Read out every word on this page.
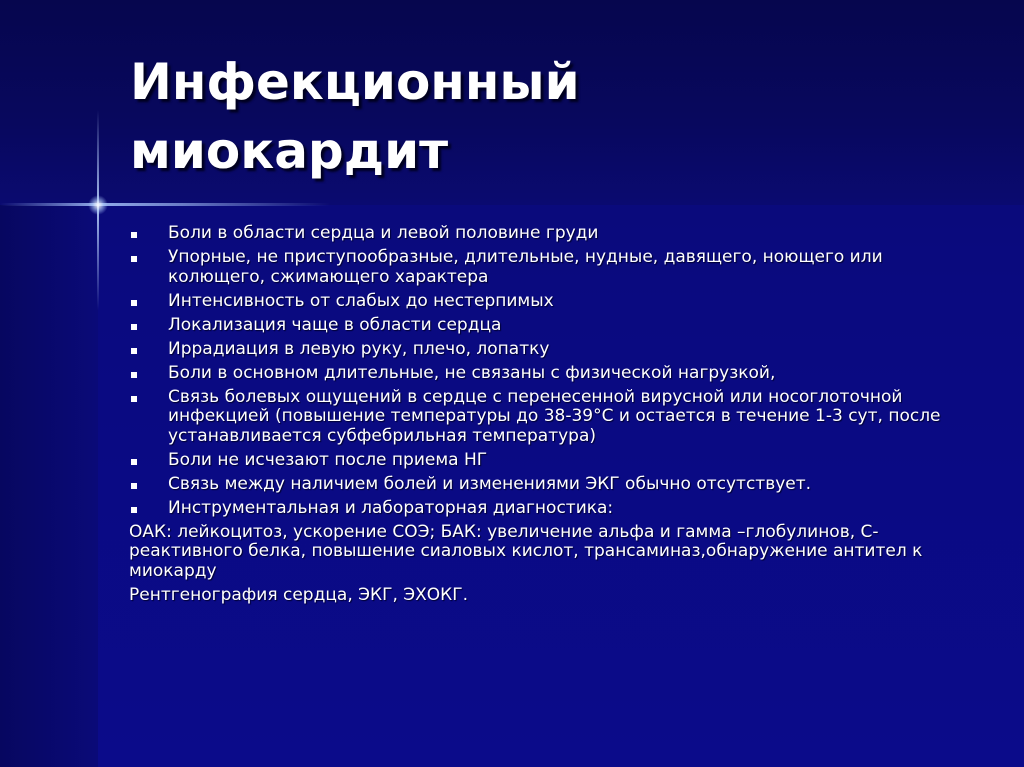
Инфекционный
миокардит
Боли в области сердца и левой половине груди
Упорные, не приступообразные, длительные, нудные, давящего, ноющего или колющего, сжимающего характера
Интенсивность от слабых до нестерпимых
Локализация чаще в области сердца
Иррадиация в левую руку, плечо, лопатку
Боли в основном длительные, не связаны с физической нагрузкой,
Связь болевых ощущений в сердце с перенесенной вирусной или носоглоточной инфекцией (повышение температуры до 38-39°С и остается в течение 1-3 сут, после устанавливается субфебрильная температура)
Боли не исчезают после приема НГ
Связь между наличием болей и изменениями ЭКГ обычно отсутствует.
Инструментальная и лабораторная диагностика:

ОАК: лейкоцитоз, ускорение СОЭ; БАК: увеличение альфа и гамма –глобулинов, С-реактивного белка, повышение сиаловых кислот, трансаминаз,обнаружение антител к миокарду

Рентгенография сердца, ЭКГ, ЭХОКГ.
